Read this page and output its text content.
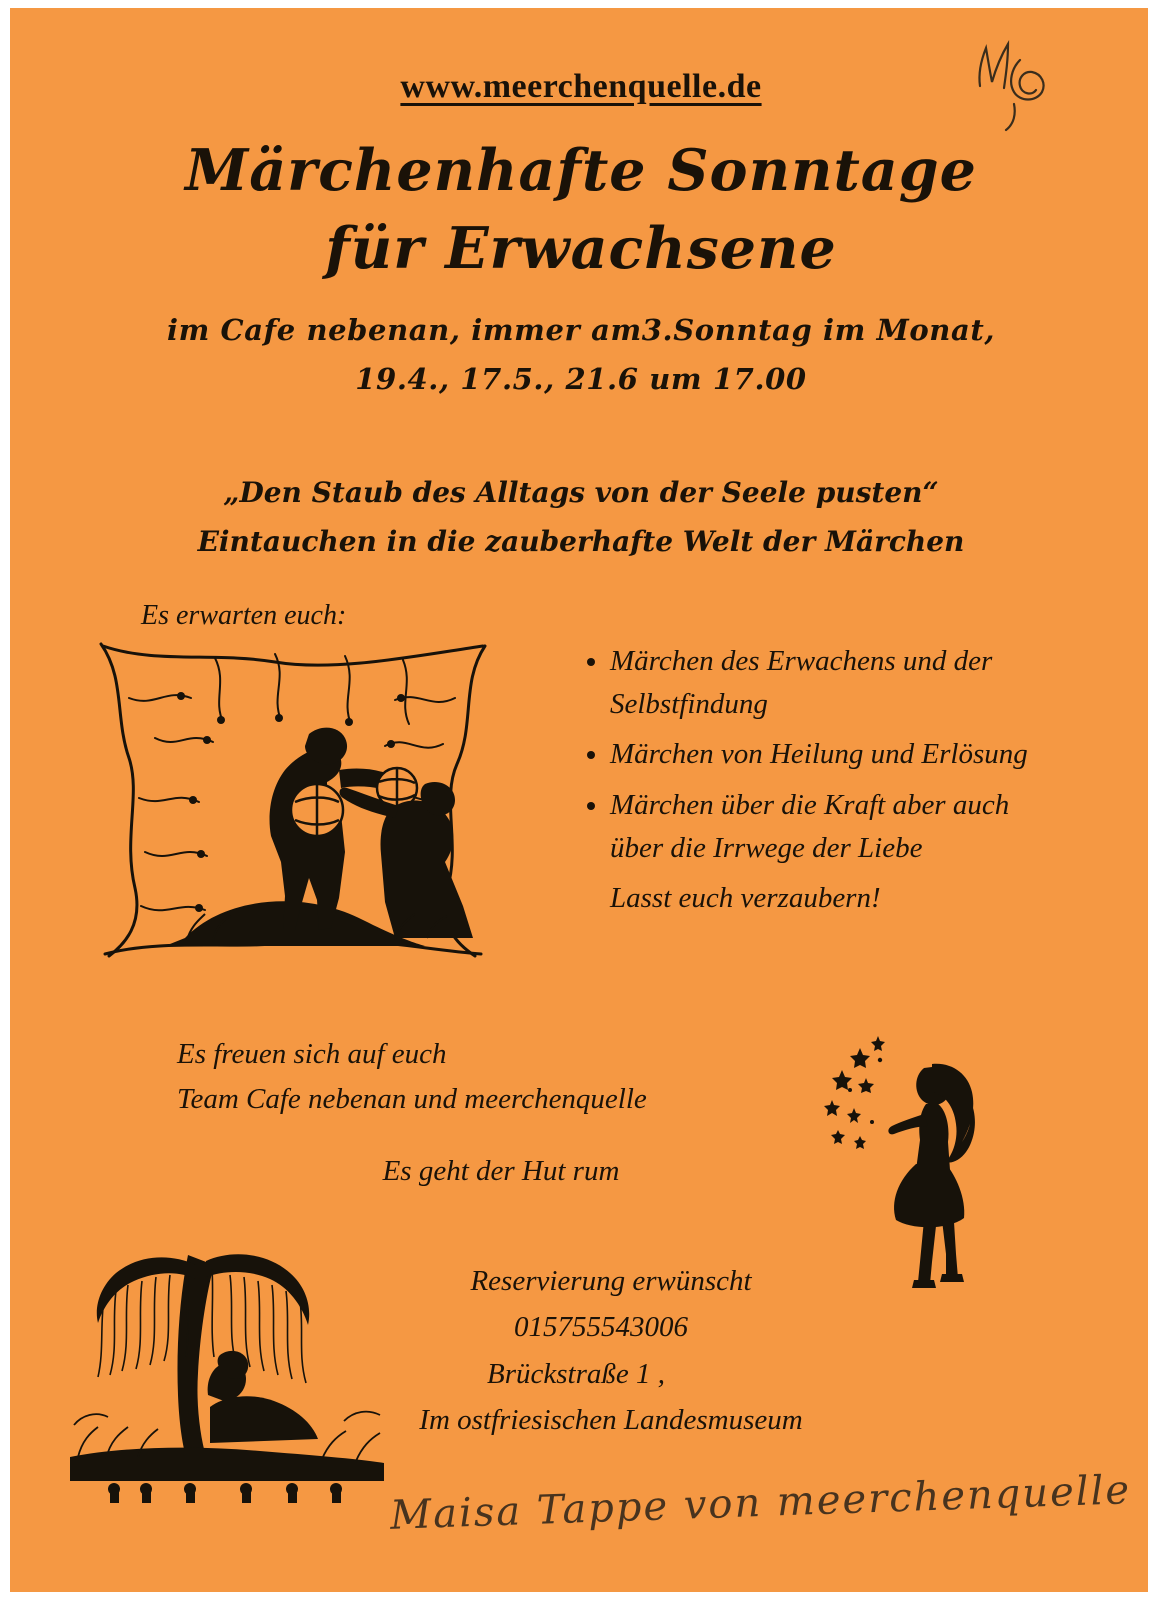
www.meerchenquelle.de
Märchenhafte Sonntage
für Erwachsene
im Cafe nebenan, immer am3.Sonntag im Monat,
19.4., 17.5., 21.6 um 17.00
„Den Staub des Alltags von der Seele pusten“
Eintauchen in die zauberhafte Welt der Märchen
Es erwarten euch:
• Märchen des Erwachens und der Selbstfindung
• Märchen von Heilung und Erlösung
• Märchen über die Kraft aber auch über die Irrwege der Liebe
Lasst euch verzaubern!
Es freuen sich auf euch
Team Cafe nebenan und meerchenquelle
Es geht der Hut rum
Reservierung erwünscht
015755543006
Brückstraße 1 ,
Im ostfriesischen Landesmuseum
Maisa Tappe von meerchenquelle
